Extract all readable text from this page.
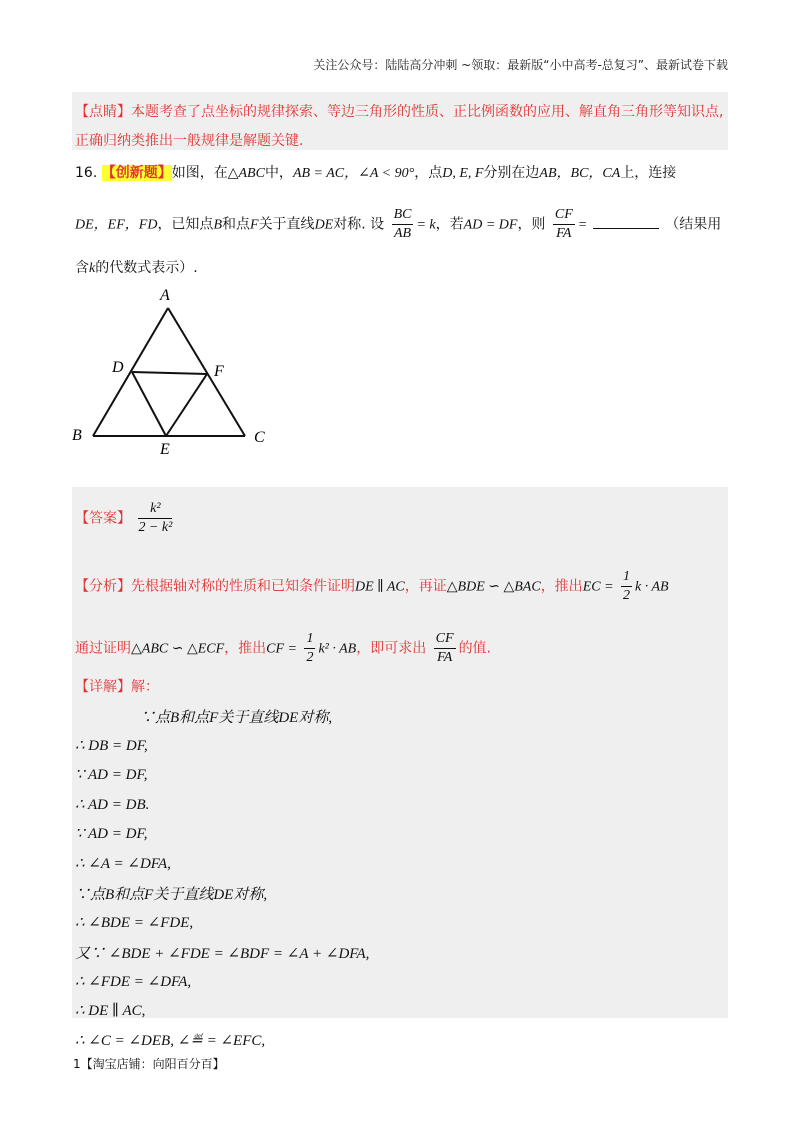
关注公众号：陆陆高分冲刺 ~领取：最新版“小中高考-总复习”、最新试卷下载
【点睛】本题考查了点坐标的规律探索、等边三角形的性质、正比例函数的应用、解直角三角形等知识点,
正确归纳类推出一般规律是解题关键.
16. 【创新题】如图，在△ABC中，AB = AC，∠A < 90°，点D, E, F分别在边AB，BC，CA上，连接
DE，EF，FD，已知点B和点F关于直线DE对称. 设 $\frac{BC}{AB} = k$，若AD = DF，则 $\frac{CF}{FA}$ =	（结果用
含k的代数式表示）.
A
B	C
D
E
F
【答案】 $\frac{\text{k²}}{\text{2 − k²}}$
【分析】先根据轴对称的性质和已知条件证明DE ∥ AC，再证△BDE ∽ △BAC，推出EC = $\frac{1}{2}$ k · AB
通过证明△ABC ∽ △ECF，推出CF = $\frac{1}{2} k^2$ · AB，即可求出 $\frac{CF}{FA}$ 的值.
【详解】解：
∵点B和点F关于直线DE对称,
∴ DB = DF,
∵ AD = DF,
∴ AD = DB.
∵ AD = DF,
∴ ∠A = ∠DFA,
∵点B和点F关于直线DE对称,
∴ ∠BDE = ∠FDE,
又∵ ∠BDE + ∠FDE = ∠BDF = ∠A + ∠DFA,
∴ ∠FDE = ∠DFA,
∴ DE ∥ AC,
∴ ∠C = ∠DEB, ∠≝ = ∠EFC,
1【淘宝店铺：向阳百分百】
